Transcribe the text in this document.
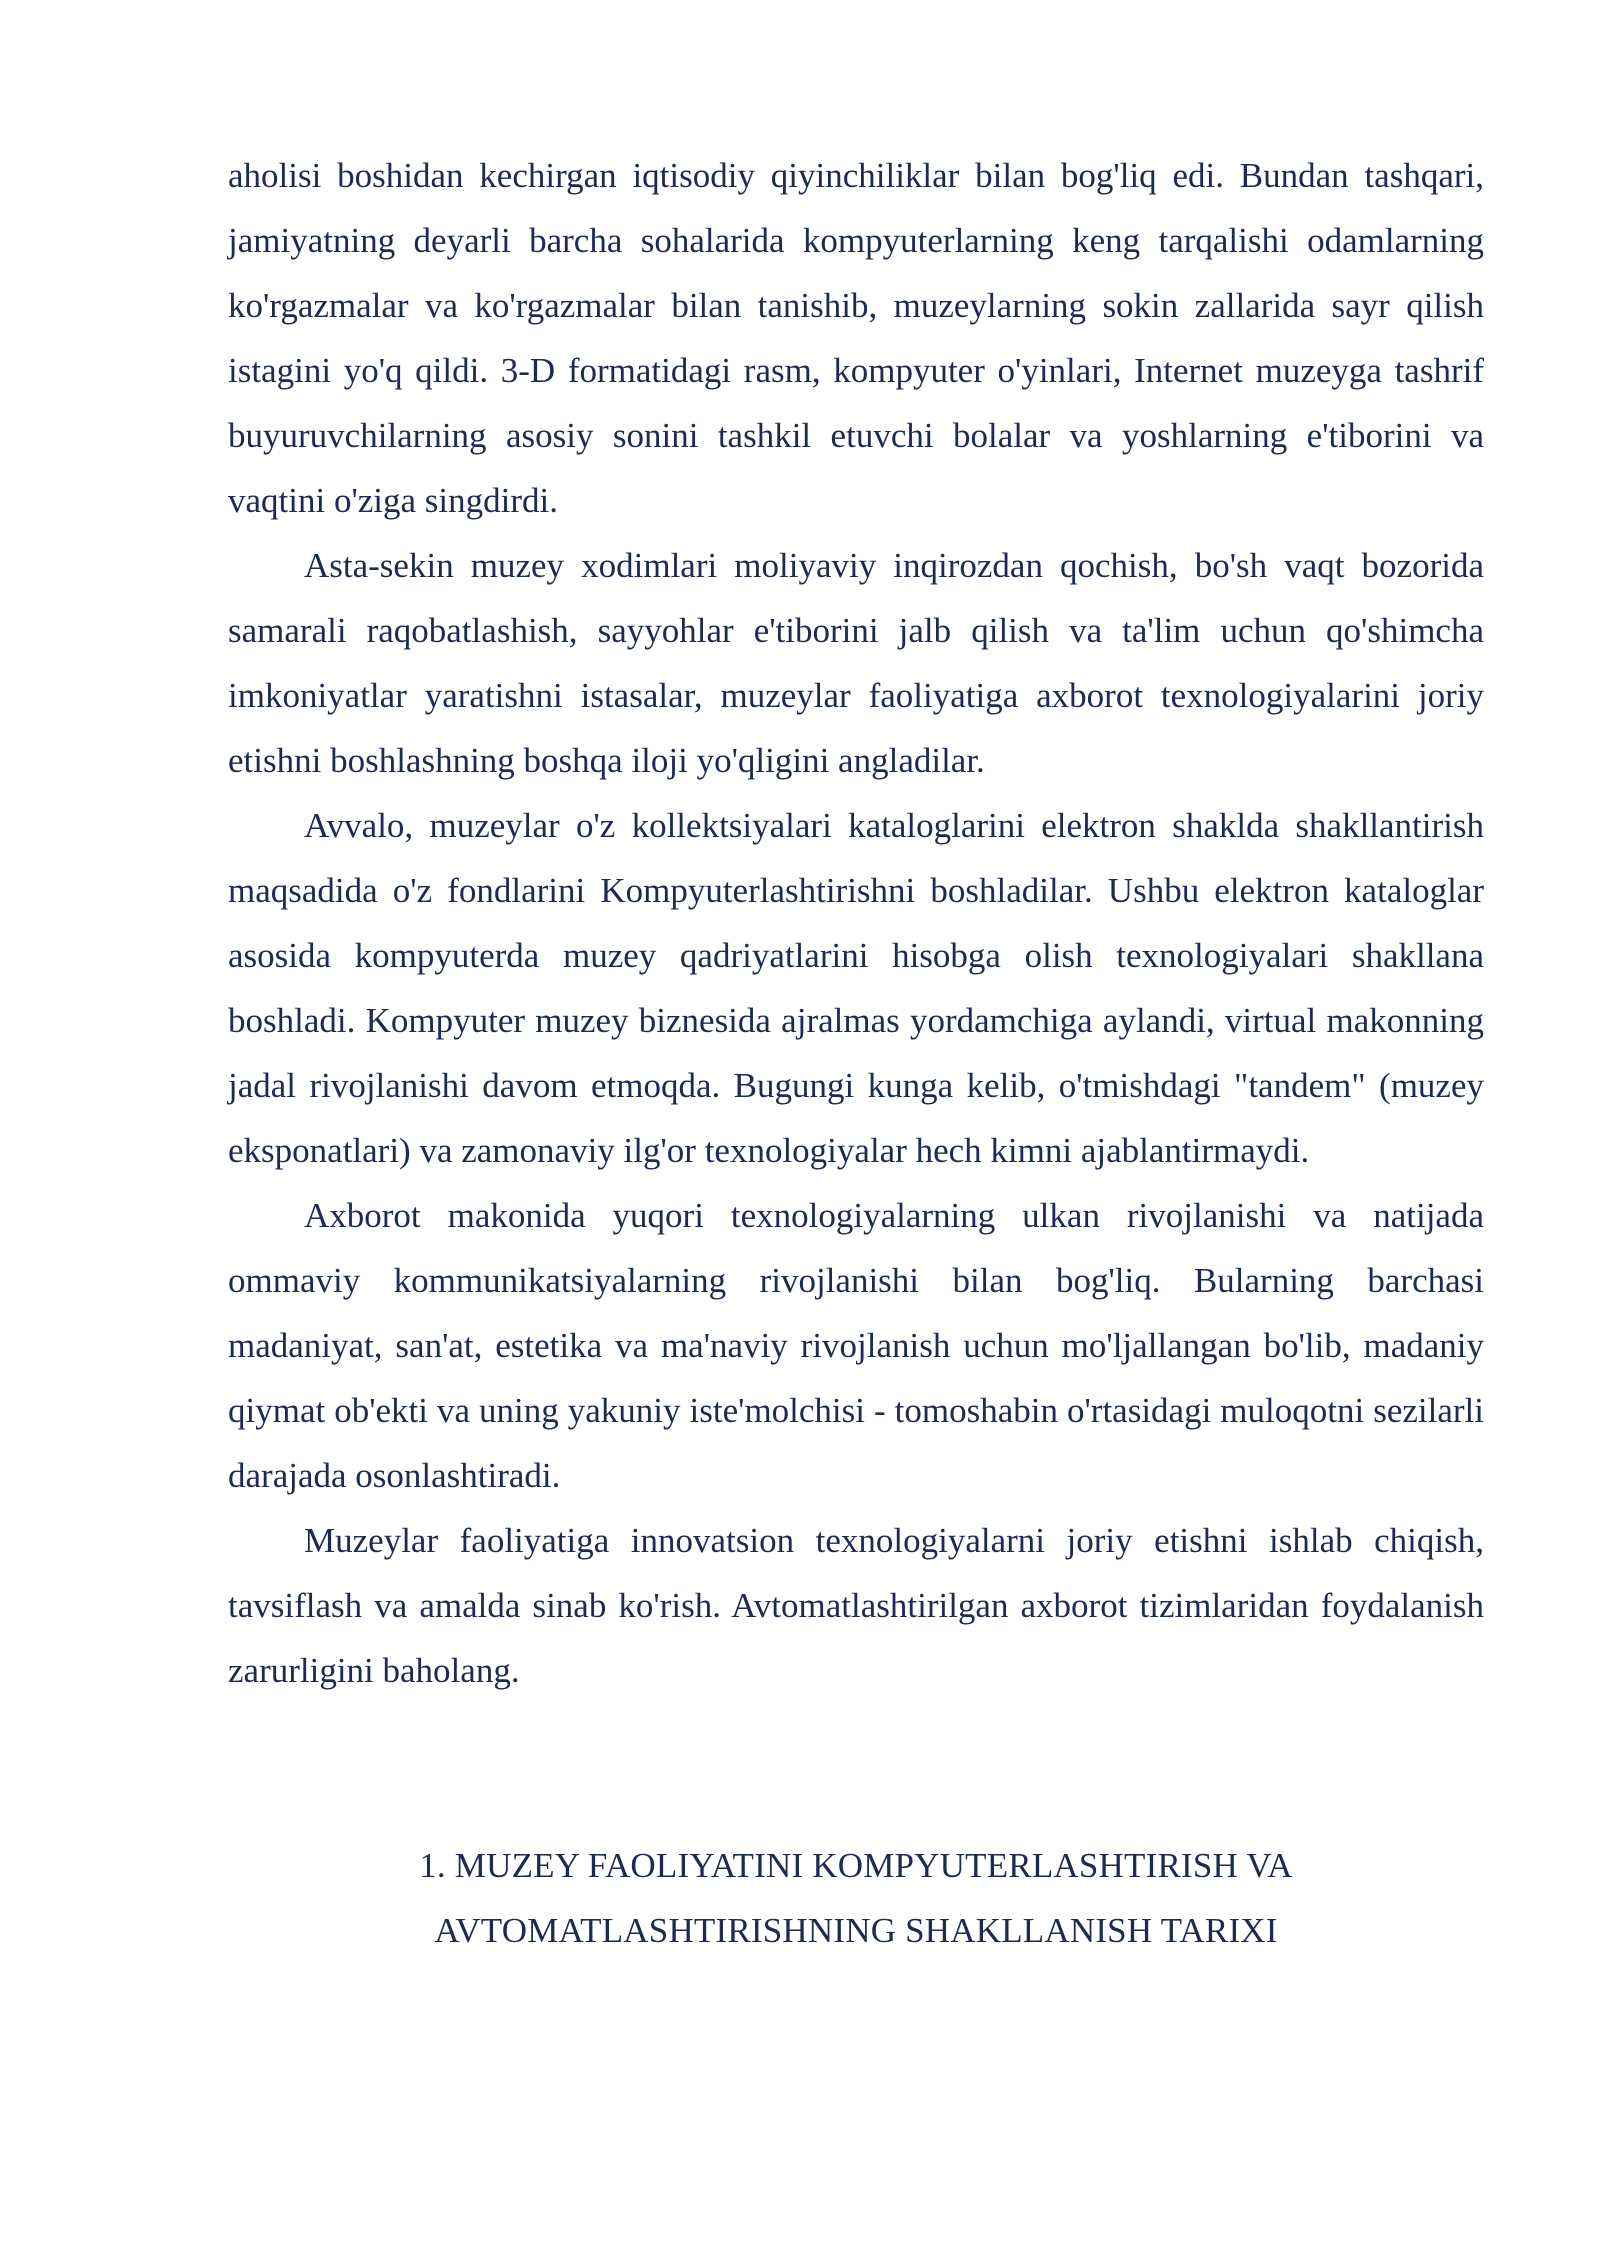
aholisi boshidan kechirgan iqtisodiy qiyinchiliklar bilan bog'liq edi. Bundan tashqari, jamiyatning deyarli barcha sohalarida kompyuterlarning keng tarqalishi odamlarning ko'rgazmalar va ko'rgazmalar bilan tanishib, muzeylarning sokin zallarida sayr qilish istagini yo'q qildi. 3-D formatidagi rasm, kompyuter o'yinlari, Internet muzeyga tashrif buyuruvchilarning asosiy sonini tashkil etuvchi bolalar va yoshlarning e'tiborini va vaqtini o'ziga singdirdi.

Asta-sekin muzey xodimlari moliyaviy inqirozdan qochish, bo'sh vaqt bozorida samarali raqobatlashish, sayyohlar e'tiborini jalb qilish va ta'lim uchun qo'shimcha imkoniyatlar yaratishni istasalar, muzeylar faoliyatiga axborot texnologiyalarini joriy etishni boshlashning boshqa iloji yo'qligini angladilar.

Avvalo, muzeylar o'z kollektsiyalari kataloglarini elektron shaklda shakllantirish maqsadida o'z fondlarini Kompyuterlashtirishni boshladilar. Ushbu elektron kataloglar asosida kompyuterda muzey qadriyatlarini hisobga olish texnologiyalari shakllana boshladi. Kompyuter muzey biznesida ajralmas yordamchiga aylandi, virtual makonning jadal rivojlanishi davom etmoqda. Bugungi kunga kelib, o'tmishdagi "tandem" (muzey eksponatlari) va zamonaviy ilg'or texnologiyalar hech kimni ajablantirmaydi.

Axborot makonida yuqori texnologiyalarning ulkan rivojlanishi va natijada ommaviy kommunikatsiyalarning rivojlanishi bilan bog'liq. Bularning barchasi madaniyat, san'at, estetika va ma'naviy rivojlanish uchun mo'ljallangan bo'lib, madaniy qiymat ob'ekti va uning yakuniy iste'molchisi - tomoshabin o'rtasidagi muloqotni sezilarli darajada osonlashtiradi.

Muzeylar faoliyatiga innovatsion texnologiyalarni joriy etishni ishlab chiqish, tavsiflash va amalda sinab ko'rish. Avtomatlashtirilgan axborot tizimlaridan foydalanish zarurligini baholang.

1. MUZEY FAOLIYATINI KOMPYUTERLASHTIRISH VA
AVTOMATLASHTIRISHNING SHAKLLANISH TARIXI
